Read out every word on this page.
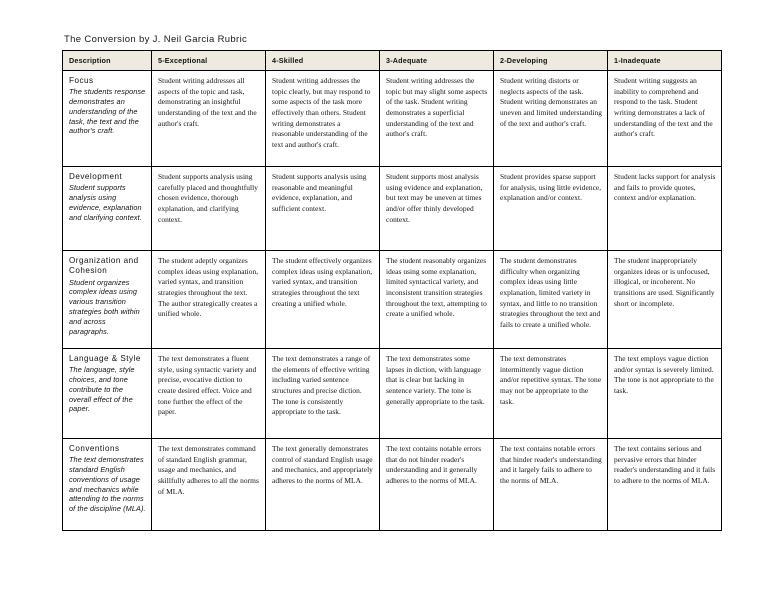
The Conversion by J. Neil Garcia Rubric
Description	5-Exceptional	4-Skilled	3-Adequate	2-Developing	1-Inadequate

Focus
The students response demonstrates an understanding of the task, the text and the author's craft.	Student writing addresses all aspects of the topic and task, demonstrating an insightful understanding of the text and the author's craft.	Student writing addresses the topic clearly, but may respond to some aspects of the task more effectively than others. Student writing demonstrates a reasonable understanding of the text and author's craft.	Student writing addresses the topic but may slight some aspects of the task. Student writing demonstrates a superficial understanding of the text and author's craft.	Student writing distorts or neglects aspects of the task. Student writing demonstrates an uneven and limited understanding of the text and author's craft.	Student writing suggests an inability to comprehend and respond to the task. Student writing demonstrates a lack of understanding of the text and the author's craft.

Development
Student supports analysis using evidence, explanation and clarifying context.	Student supports analysis using carefully placed and thoughtfully chosen evidence, thorough explanation, and clarifying context.	Student supports analysis using reasonable and meaningful evidence, explanation, and sufficient context.	Student supports most analysis using evidence and explanation, but text may be uneven at times and/or offer thinly developed context.	Student provides sparse support for analysis, using little evidence, explanation and/or context.	Student lacks support for analysis and fails to provide quotes, context and/or explanation.

Organization and Cohesion
Student organizes complex ideas using various transition strategies both within and across paragraphs.	The student adeptly organizes complex ideas using explanation, varied syntax, and transition strategies throughout the text. The author strategically creates a unified whole.	The student effectively organizes complex ideas using explanation, varied syntax, and transition strategies throughout the text creating a unified whole.	The student reasonably organizes ideas using some explanation, limited syntactical variety, and inconsistent transition strategies throughout the text, attempting to create a unified whole.	The student demonstrates difficulty when organizing complex ideas using little explanation, limited variety in syntax, and little to no transition strategies throughout the text and fails to create a unified whole.	The student inappropriately organizes ideas or is unfocused, illogical, or incoherent. No transitions are used. Significantly short or incomplete.

Language & Style
The language, style choices, and tone contribute to the overall effect of the paper.	The text demonstrates a fluent style, using syntactic variety and precise, evocative diction to create desired effect. Voice and tone further the effect of the paper.	The text demonstrates a range of the elements of effective writing including varied sentence structures and precise diction. The tone is consistently appropriate to the task.	The text demonstrates some lapses in diction, with language that is clear but lacking in sentence variety. The tone is generally appropriate to the task.	The text demonstrates intermittently vague diction and/or repetitive syntax. The tone may not be appropriate to the task.	The text employs vague diction and/or syntax is severely limited. The tone is not appropriate to the task.

Conventions
The text demonstrates standard English conventions of usage and mechanics while attending to the norms of the discipline (MLA).	The text demonstrates command of standard English grammar, usage and mechanics, and skillfully adheres to all the norms of MLA.	The text generally demonstrates control of standard English usage and mechanics, and appropriately adheres to the norms of MLA.	The text contains notable errors that do not hinder reader's understanding and it generally adheres to the norms of MLA.	The text contains notable errors that hinder reader's understanding and it largely fails to adhere to the norms of MLA.	The text contains serious and pervasive errors that hinder reader's understanding and it fails to adhere to the norms of MLA.
